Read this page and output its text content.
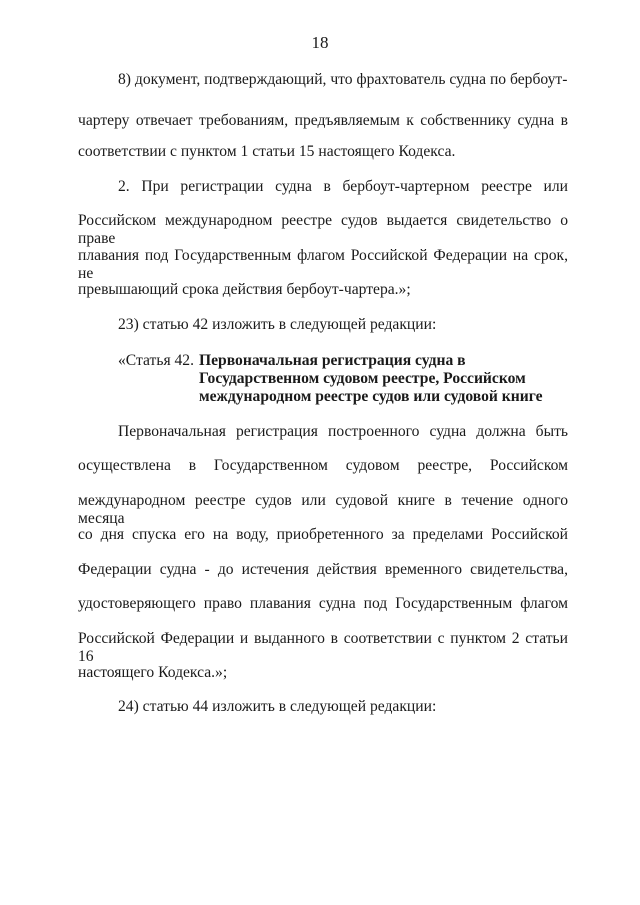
18
8) документ, подтверждающий, что фрахтователь судна по бербоут-
чартеру отвечает требованиям, предъявляемым к собственнику судна в
соответствии с пунктом 1 статьи 15 настоящего Кодекса.
2. При регистрации судна в бербоут-чартерном реестре или
Российском международном реестре судов выдается свидетельство о праве
плавания под Государственным флагом Российской Федерации на срок, не
превышающий срока действия бербоут-чартера.»;
23) статью 42 изложить в следующей редакции:
«Статья 42. Первоначальная регистрация судна в
Государственном судовом реестре, Российском
международном реестре судов или судовой книге
Первоначальная регистрация построенного судна должна быть
осуществлена в Государственном судовом реестре, Российском
международном реестре судов или судовой книге в течение одного месяца
со дня спуска его на воду, приобретенного за пределами Российской
Федерации судна - до истечения действия временного свидетельства,
удостоверяющего право плавания судна под Государственным флагом
Российской Федерации и выданного в соответствии с пунктом 2 статьи 16
настоящего Кодекса.»;
24) статью 44 изложить в следующей редакции:
